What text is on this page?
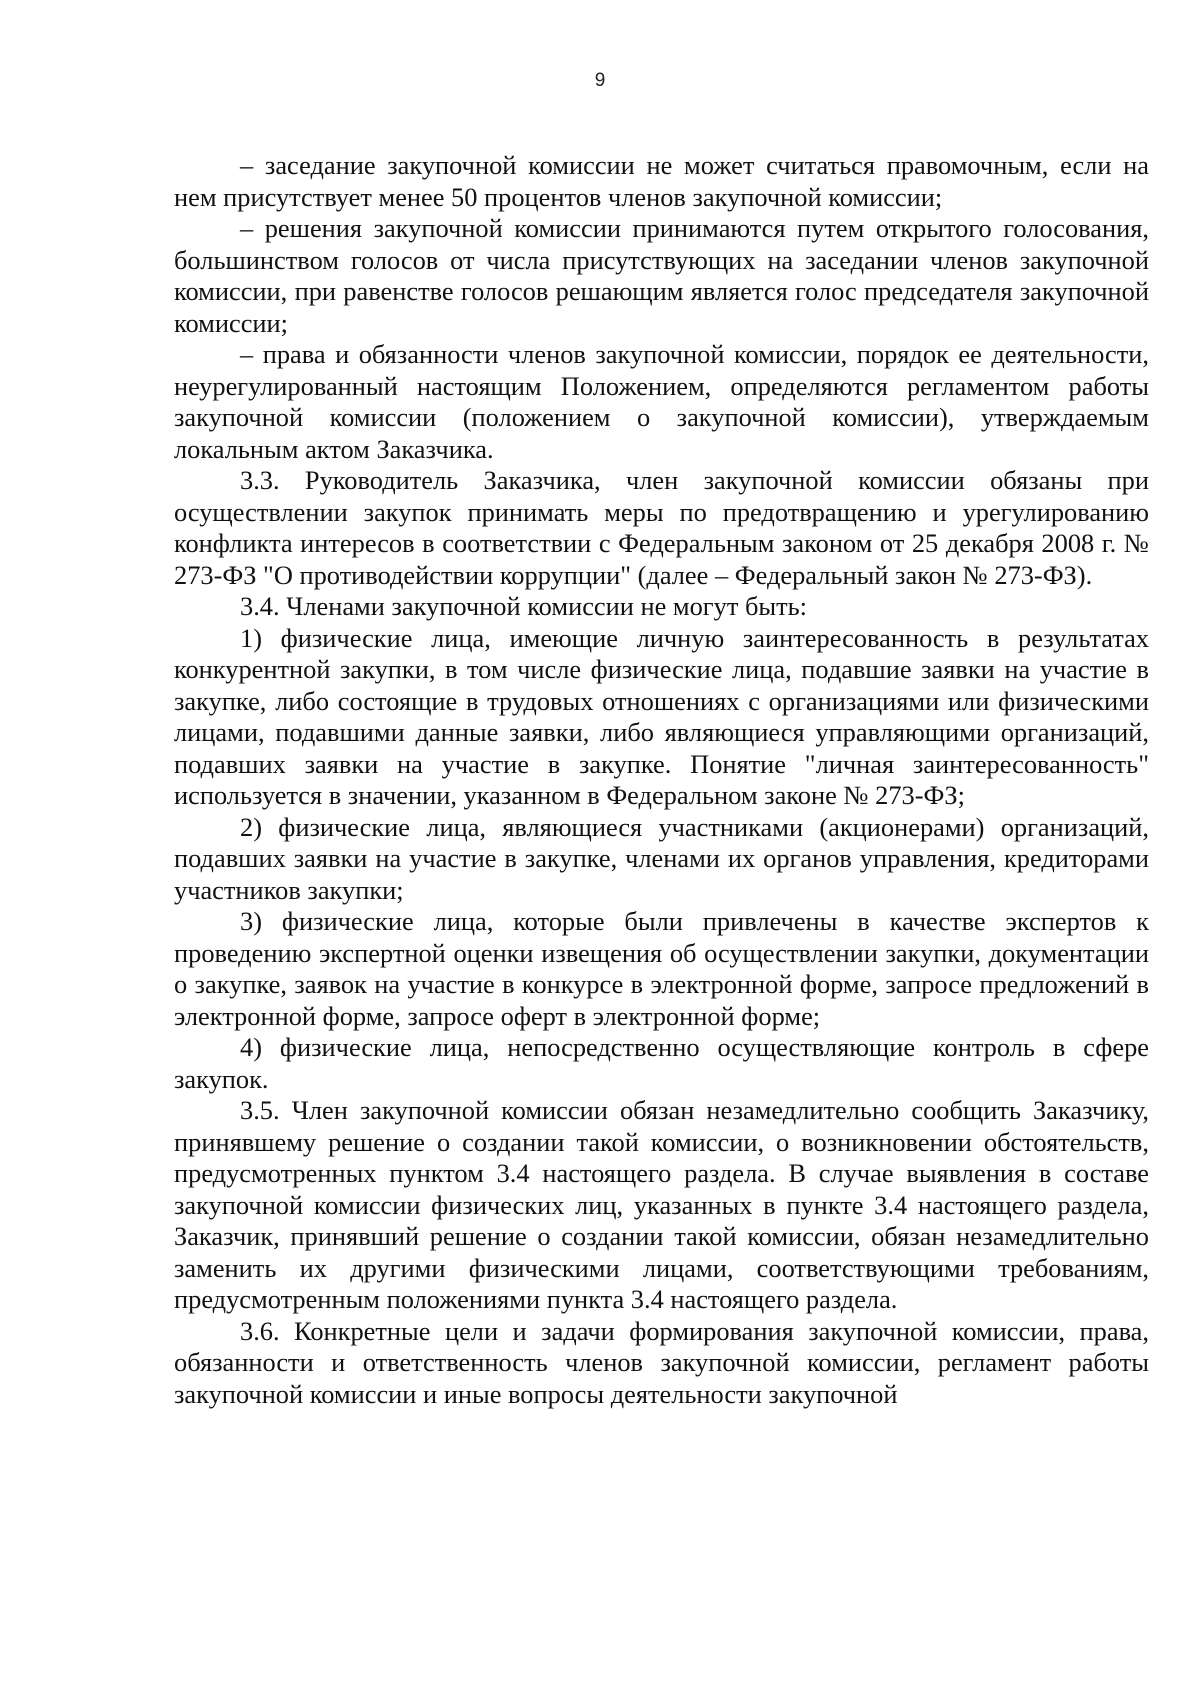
9

– заседание закупочной комиссии не может считаться правомочным, если на нем присутствует менее 50 процентов членов закупочной комиссии;

– решения закупочной комиссии принимаются путем открытого голосования, большинством голосов от числа присутствующих на заседании членов закупочной комиссии, при равенстве голосов решающим является голос председателя закупочной комиссии;

– права и обязанности членов закупочной комиссии, порядок ее деятельности, неурегулированный настоящим Положением, определяются регламентом работы закупочной комиссии (положением о закупочной комиссии), утверждаемым локальным актом Заказчика.

3.3. Руководитель Заказчика, член закупочной комиссии обязаны при осуществлении закупок принимать меры по предотвращению и урегулированию конфликта интересов в соответствии с Федеральным законом от 25 декабря 2008 г. № 273-ФЗ "О противодействии коррупции" (далее – Федеральный закон № 273-ФЗ).

3.4. Членами закупочной комиссии не могут быть:

1) физические лица, имеющие личную заинтересованность в результатах конкурентной закупки, в том числе физические лица, подавшие заявки на участие в закупке, либо состоящие в трудовых отношениях с организациями или физическими лицами, подавшими данные заявки, либо являющиеся управляющими организаций, подавших заявки на участие в закупке. Понятие "личная заинтересованность" используется в значении, указанном в Федеральном законе № 273-ФЗ;

2) физические лица, являющиеся участниками (акционерами) организаций, подавших заявки на участие в закупке, членами их органов управления, кредиторами участников закупки;

3) физические лица, которые были привлечены в качестве экспертов к проведению экспертной оценки извещения об осуществлении закупки, документации о закупке, заявок на участие в конкурсе в электронной форме, запросе предложений в электронной форме, запросе оферт в электронной форме;

4) физические лица, непосредственно осуществляющие контроль в сфере закупок.

3.5. Член закупочной комиссии обязан незамедлительно сообщить Заказчику, принявшему решение о создании такой комиссии, о возникновении обстоятельств, предусмотренных пунктом 3.4 настоящего раздела. В случае выявления в составе закупочной комиссии физических лиц, указанных в пункте 3.4 настоящего раздела, Заказчик, принявший решение о создании такой комиссии, обязан незамедлительно заменить их другими физическими лицами, соответствующими требованиям, предусмотренным положениями пункта 3.4 настоящего раздела.

3.6. Конкретные цели и задачи формирования закупочной комиссии, права, обязанности и ответственность членов закупочной комиссии, регламент работы закупочной комиссии и иные вопросы деятельности закупочной
